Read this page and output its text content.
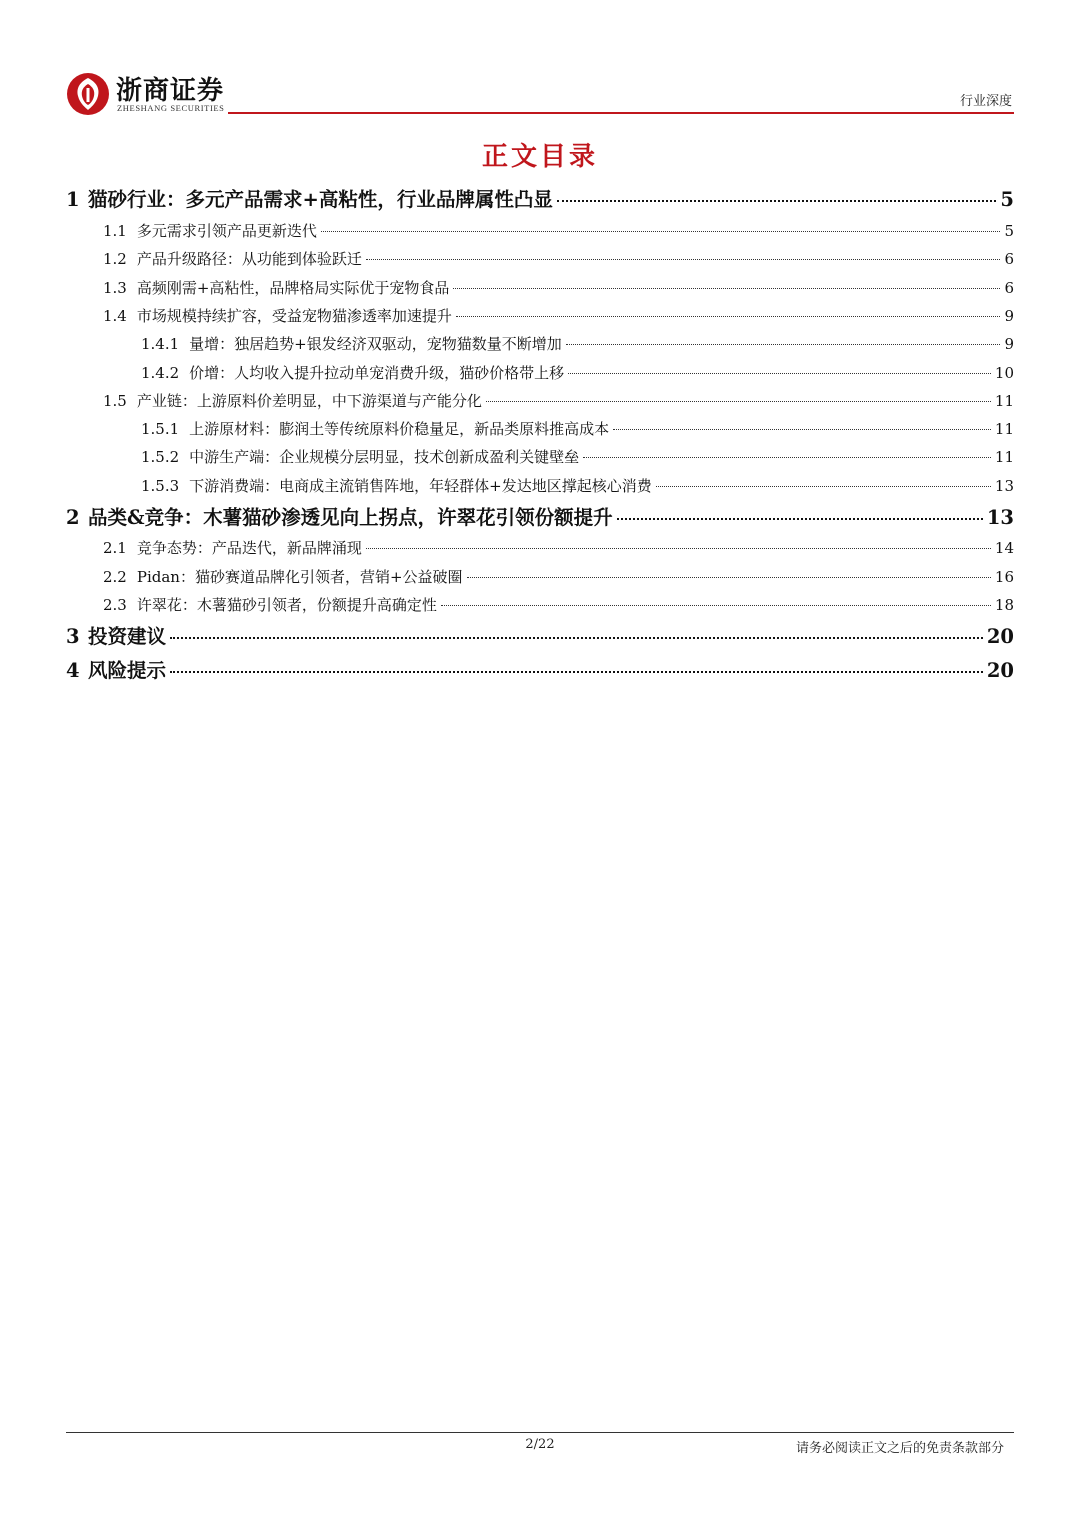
浙商证券
ZHESHANG SECURITIES	行业深度
正文目录
1 猫砂行业：多元产品需求+高粘性，行业品牌属性凸显	5
1.1 多元需求引领产品更新迭代	5
1.2 产品升级路径：从功能到体验跃迁	6
1.3 高频刚需+高粘性，品牌格局实际优于宠物食品	6
1.4 市场规模持续扩容，受益宠物猫渗透率加速提升	9
1.4.1 量增：独居趋势+银发经济双驱动，宠物猫数量不断增加	9
1.4.2 价增：人均收入提升拉动单宠消费升级，猫砂价格带上移	10
1.5 产业链：上游原料价差明显，中下游渠道与产能分化	11
1.5.1 上游原材料：膨润土等传统原料价稳量足，新品类原料推高成本	11
1.5.2 中游生产端：企业规模分层明显，技术创新成盈利关键壁垒	11
1.5.3 下游消费端：电商成主流销售阵地，年轻群体+发达地区撑起核心消费	13
2 品类&竞争：木薯猫砂渗透见向上拐点，许翠花引领份额提升	13
2.1 竞争态势：产品迭代，新品牌涌现	14
2.2 Pidan：猫砂赛道品牌化引领者，营销+公益破圈	16
2.3 许翠花：木薯猫砂引领者，份额提升高确定性	18
3 投资建议	20
4 风险提示	20
2/22	请务必阅读正文之后的免责条款部分
